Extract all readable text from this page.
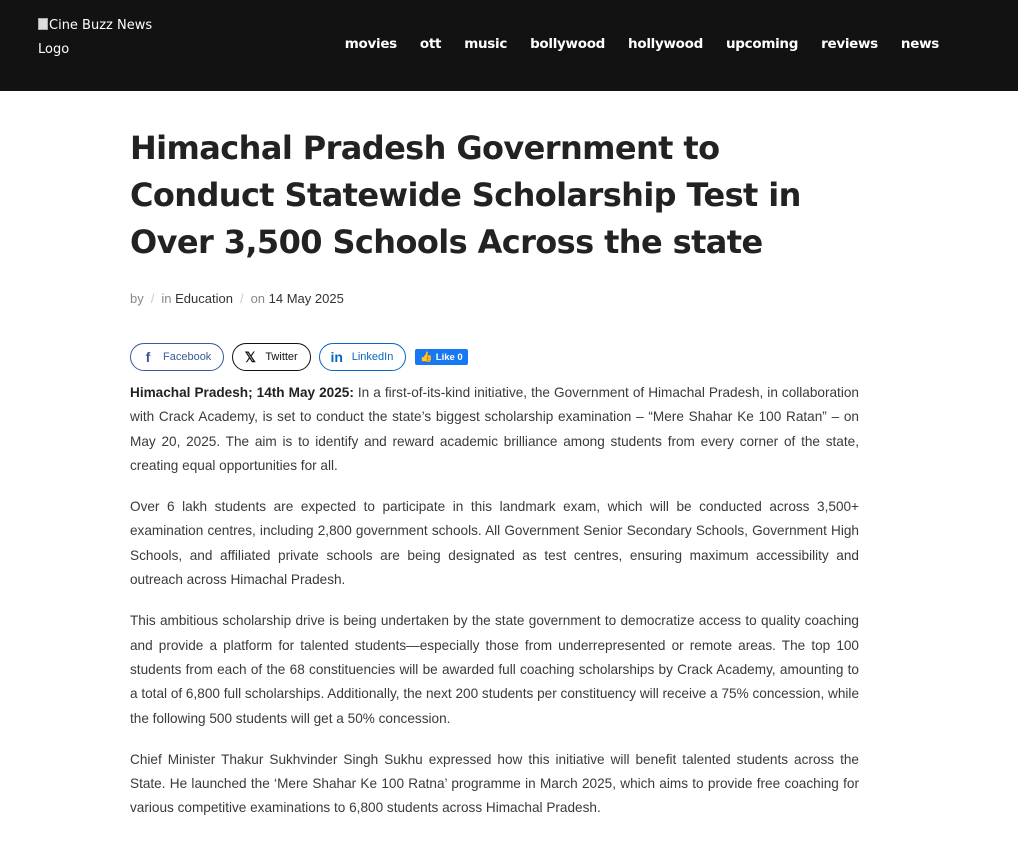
Cine Buzz News Logo	movies ott music bollywood hollywood upcoming reviews news
Himachal Pradesh Government to Conduct Statewide Scholarship Test in Over 3,500 Schools Across the state
by / in Education / on 14 May 2025
f	Facebook 𝕏 Twitter in LinkedIn	👍 Like 0

Himachal Pradesh; 14th May 2025: In a first-of-its-kind initiative, the Government of Himachal Pradesh, in collaboration with Crack Academy, is set to conduct the state’s biggest scholarship examination – “Mere Shahar Ke 100 Ratan” – on May 20, 2025. The aim is to identify and reward academic brilliance among students from every corner of the state, creating equal opportunities for all.

Over 6 lakh students are expected to participate in this landmark exam, which will be conducted across 3,500+ examination centres, including 2,800 government schools. All Government Senior Secondary Schools, Government High Schools, and affiliated private schools are being designated as test centres, ensuring maximum accessibility and outreach across Himachal Pradesh.

This ambitious scholarship drive is being undertaken by the state government to democratize access to quality coaching and provide a platform for talented students—especially those from underrepresented or remote areas. The top 100 students from each of the 68 constituencies will be awarded full coaching scholarships by Crack Academy, amounting to a total of 6,800 full scholarships. Additionally, the next 200 students per constituency will receive a 75% concession, while the following 500 students will get a 50% concession.

Chief Minister Thakur Sukhvinder Singh Sukhu expressed how this initiative will benefit talented students across the State. He launched the ‘Mere Shahar Ke 100 Ratna’ programme in March 2025, which aims to provide free coaching for various competitive examinations to 6,800 students across Himachal Pradesh.
